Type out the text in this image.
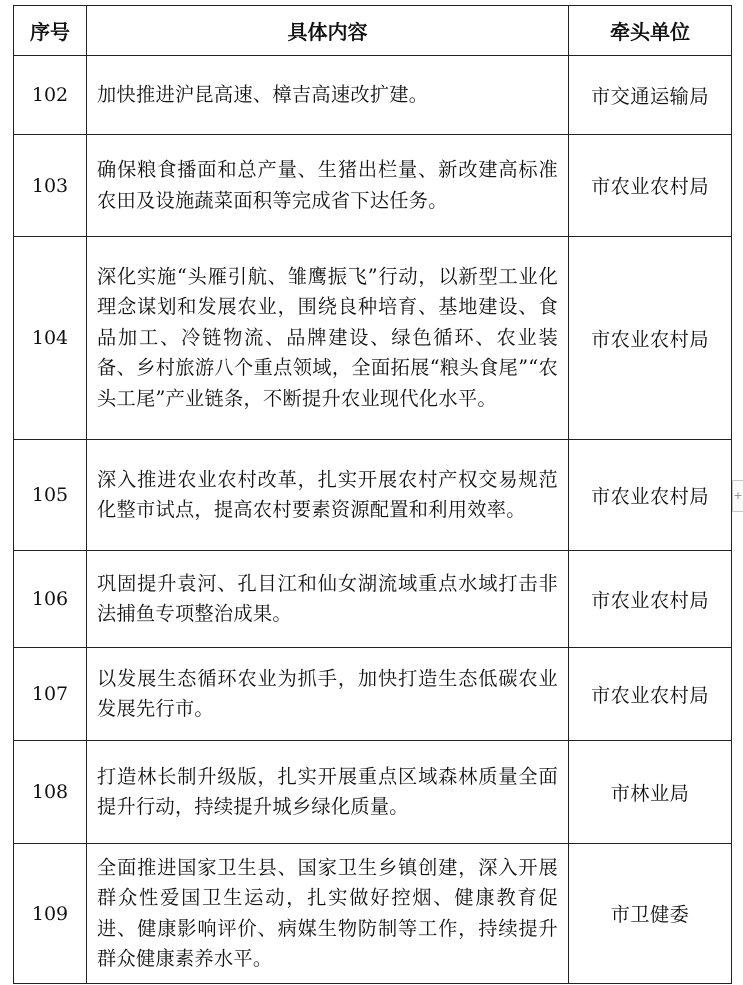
序号	具体内容	牵头单位
102	加快推进沪昆高速、樟吉高速改扩建。	市交通运输局
103	确保粮食播面和总产量、生猪出栏量、新改建高标准农田及设施蔬菜面积等完成省下达任务。	市农业农村局
104	深化实施“头雁引航、雏鹰振飞”行动，以新型工业化理念谋划和发展农业，围绕良种培育、基地建设、食品加工、冷链物流、品牌建设、绿色循环、农业装备、乡村旅游八个重点领域，全面拓展“粮头食尾”“农头工尾”产业链条，不断提升农业现代化水平。	市农业农村局
105	深入推进农业农村改革，扎实开展农村产权交易规范化整市试点，提高农村要素资源配置和利用效率。	市农业农村局
106	巩固提升袁河、孔目江和仙女湖流域重点水域打击非法捕鱼专项整治成果。	市农业农村局
107	以发展生态循环农业为抓手，加快打造生态低碳农业发展先行市。	市农业农村局
108	打造林长制升级版，扎实开展重点区域森林质量全面提升行动，持续提升城乡绿化质量。	市林业局
109	全面推进国家卫生县、国家卫生乡镇创建，深入开展群众性爱国卫生运动，扎实做好控烟、健康教育促进、健康影响评价、病媒生物防制等工作，持续提升群众健康素养水平。	市卫健委
+
